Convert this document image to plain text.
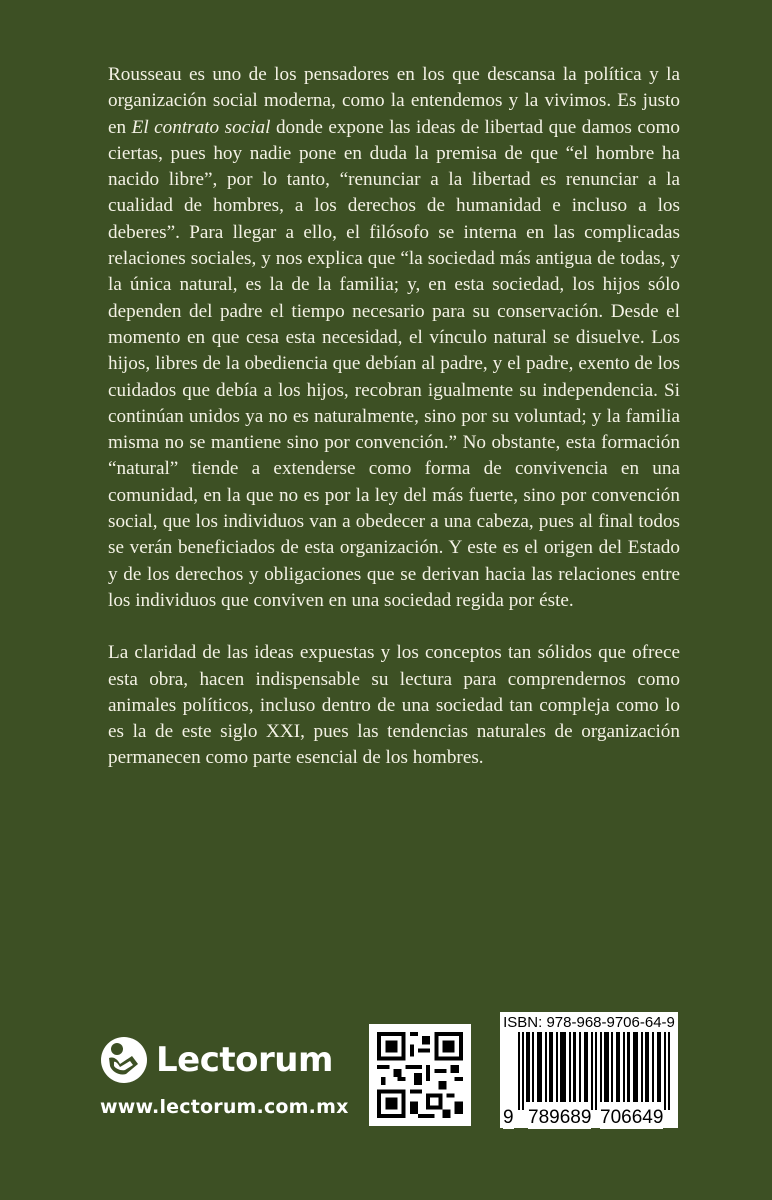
Rousseau es uno de los pensadores en los que descansa la política y la organización social moderna, como la entendemos y la vivimos. Es justo en El contrato social donde expone las ideas de libertad que damos como ciertas, pues hoy nadie pone en duda la premisa de que “el hombre ha nacido libre”, por lo tanto, “renunciar a la libertad es renunciar a la cualidad de hombres, a los derechos de humanidad e incluso a los deberes”. Para llegar a ello, el filósofo se interna en las complicadas relaciones sociales, y nos explica que “la sociedad más antigua de todas, y la única natural, es la de la familia; y, en esta sociedad, los hijos sólo dependen del padre el tiempo necesario para su conservación. Desde el momento en que cesa esta necesidad, el vínculo natural se disuelve. Los hijos, libres de la obediencia que debían al padre, y el padre, exento de los cuidados que debía a los hijos, recobran igualmente su independencia. Si continúan unidos ya no es naturalmente, sino por su voluntad; y la familia misma no se mantiene sino por convención.” No obstante, esta formación “natural” tiende a extenderse como forma de convivencia en una comunidad, en la que no es por la ley del más fuerte, sino por convención social, que los individuos van a obedecer a una cabeza, pues al final todos se verán beneficiados de esta organización. Y este es el origen del Estado y de los derechos y obligaciones que se derivan hacia las relaciones entre los individuos que conviven en una sociedad regida por éste.

La claridad de las ideas expuestas y los conceptos tan sólidos que ofrece esta obra, hacen indispensable su lectura para comprendernos como animales políticos, incluso dentro de una sociedad tan compleja como lo es la de este siglo XXI, pues las tendencias naturales de organización permanecen como parte esencial de los hombres.

Lectorum
www.lectorum.com.mx
ISBN: 978-968-9706-64-9
9 789689 706649
